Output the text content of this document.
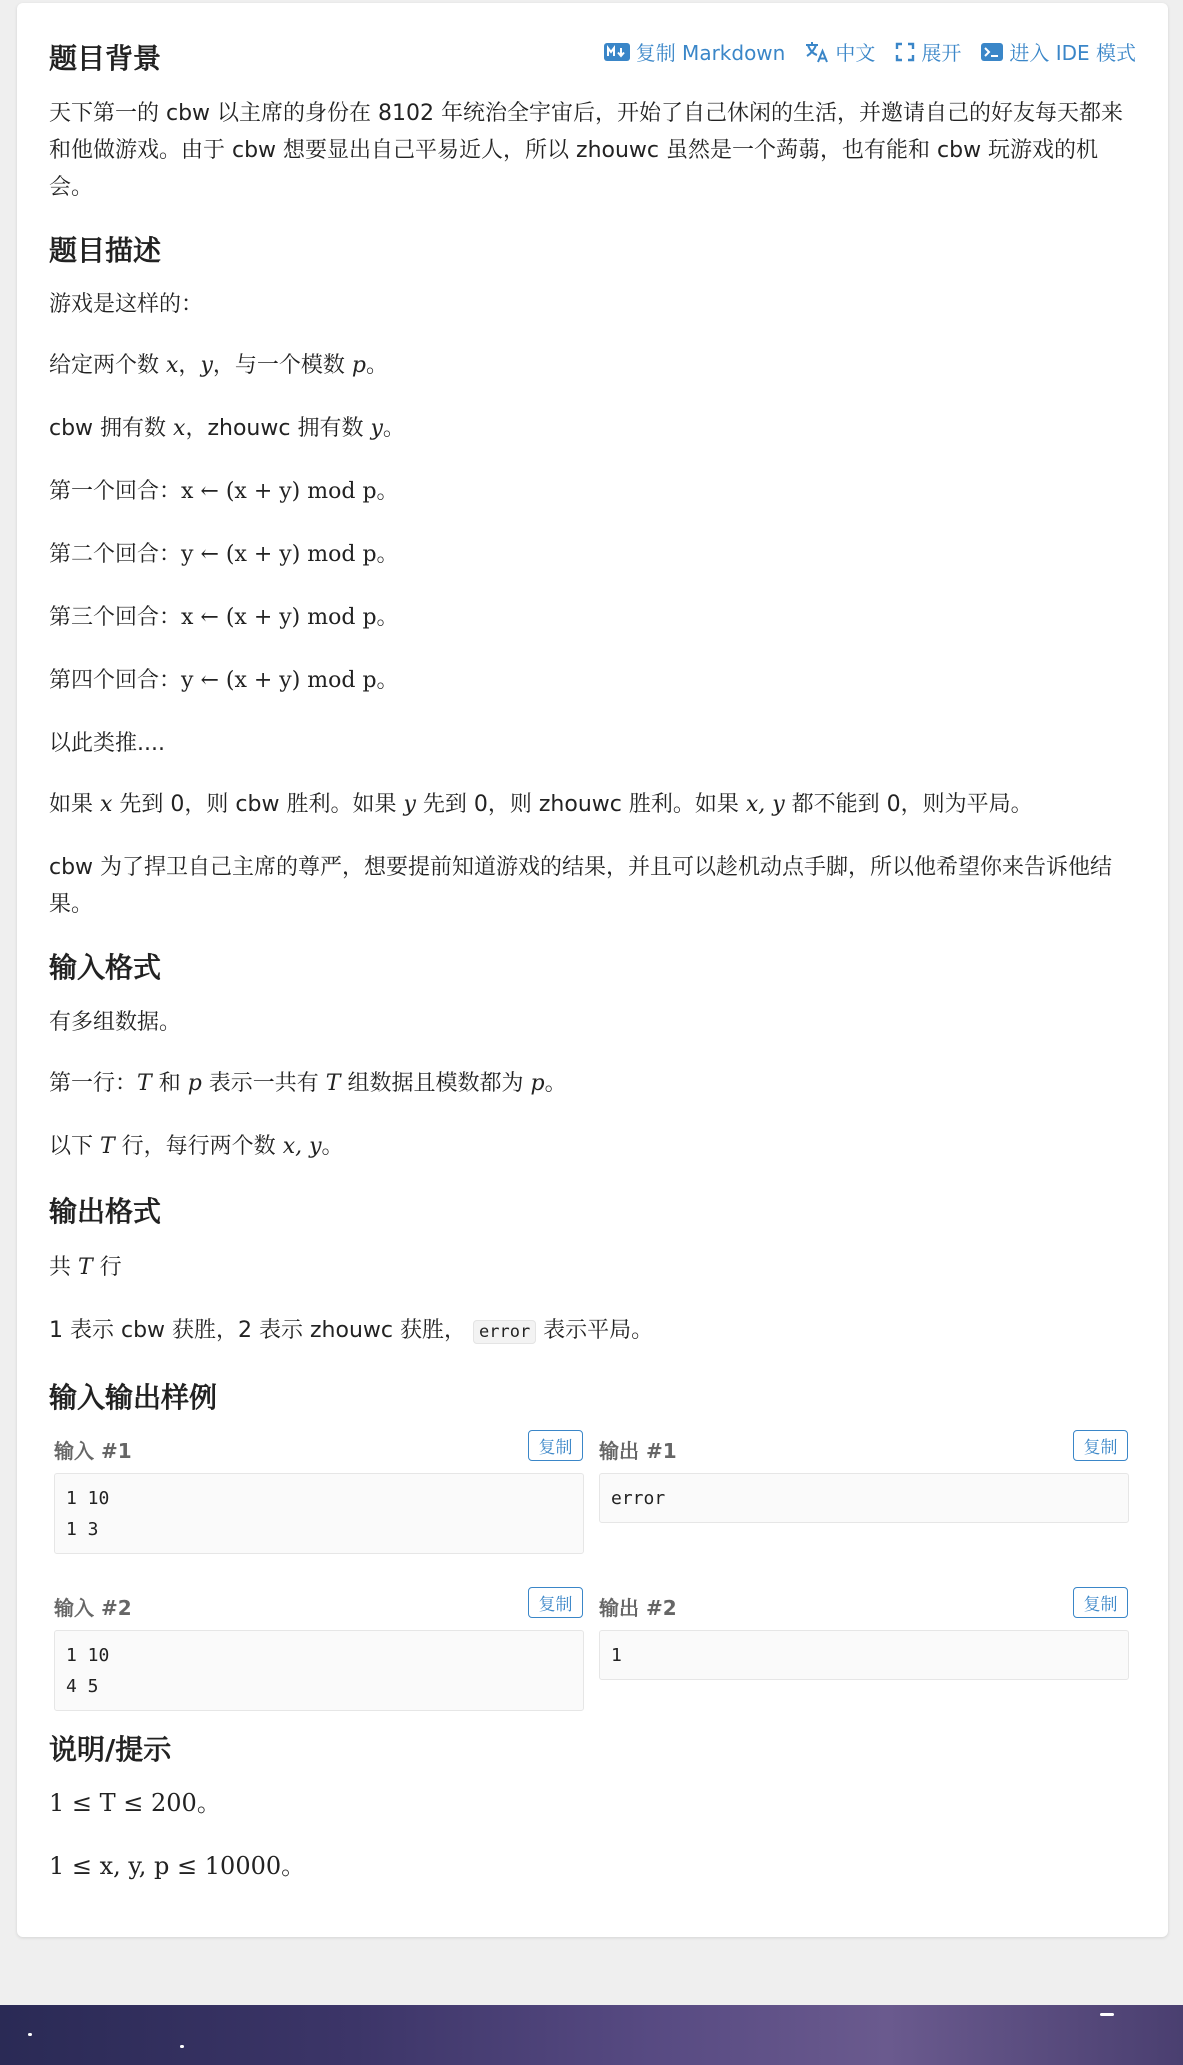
复制 Markdown	中文 展开 进入 IDE 模式
题目背景
天下第一的 cbw 以主席的身份在 8102 年统治全宇宙后，开始了自己休闲的生活，并邀请自己的好友每天都来和他做游戏。由于 cbw 想要显出自己平易近人，所以 zhouwc 虽然是一个蒟蒻，也有能和 cbw 玩游戏的机会。
题目描述
游戏是这样的：
给定两个数 x，y，与一个模数 p。
cbw 拥有数 x，zhouwc 拥有数 y。
第一个回合：x ← (x + y) mod p。
第二个回合：y ← (x + y) mod p。
第三个回合：x ← (x + y) mod p。
第四个回合：y ← (x + y) mod p。
以此类推....
如果 x 先到 0，则 cbw 胜利。如果 y 先到 0，则 zhouwc 胜利。如果 x, y 都不能到 0，则为平局。
cbw 为了捍卫自己主席的尊严，想要提前知道游戏的结果，并且可以趁机动点手脚，所以他希望你来告诉他结果。
输入格式
有多组数据。
第一行：T 和 p 表示一共有 T 组数据且模数都为 p。
以下 T 行，每行两个数 x, y。
输出格式
共 T 行
1 表示 cbw 获胜，2 表示 zhouwc 获胜， error 表示平局。
输入输出样例
输入 #1	复制	输出 #1	复制
1 10
1 3
error
输入 #2	复制	输出 #2	复制
1 10
4 5
1
说明/提示
1 ≤ T ≤ 200。
1 ≤ x, y, p ≤ 10000。
